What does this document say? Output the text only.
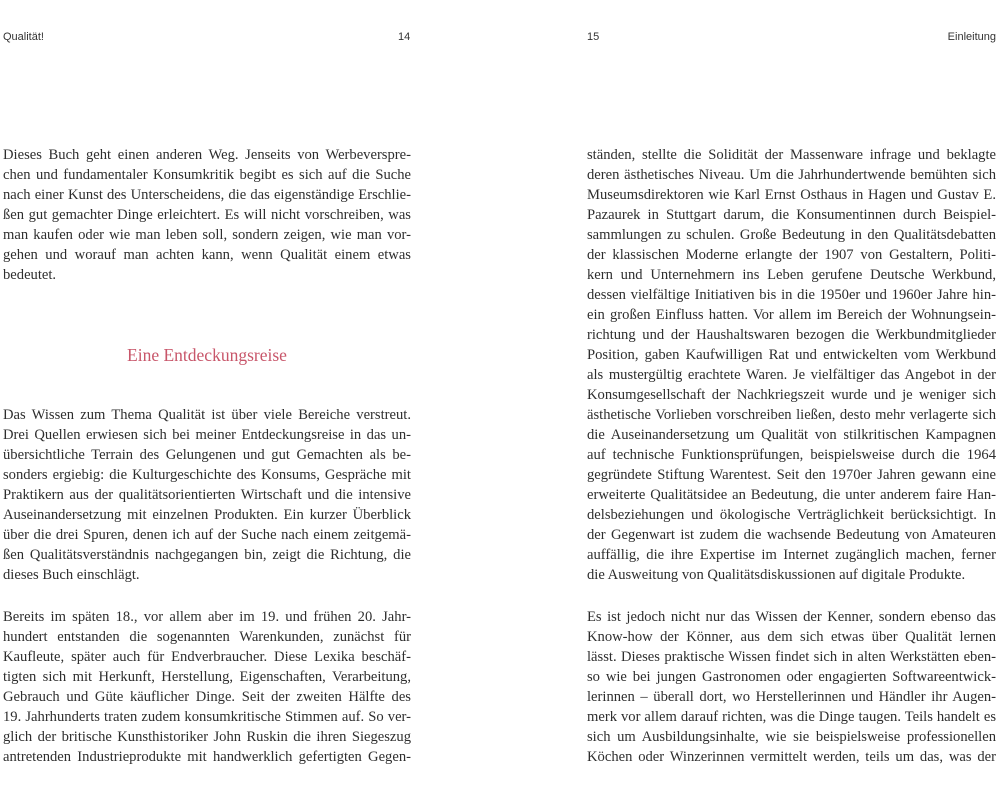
Qualität!	14
Dieses Buch geht einen anderen Weg. Jenseits von Werbeverspre-
chen und fundamentaler Konsumkritik begibt es sich auf die Suche
nach einer Kunst des Unterscheidens, die das eigenständige Erschlie-
ßen gut gemachter Dinge erleichtert. Es will nicht vorschreiben, was
man kaufen oder wie man leben soll, sondern zeigen, wie man vor-
gehen und worauf man achten kann, wenn Qualität einem etwas
bedeutet.
Eine Entdeckungsreise
Das Wissen zum Thema Qualität ist über viele Bereiche verstreut.
Drei Quellen erwiesen sich bei meiner Entdeckungsreise in das un-
übersichtliche Terrain des Gelungenen und gut Gemachten als be-
sonders ergiebig: die Kulturgeschichte des Konsums, Gespräche mit
Praktikern aus der qualitätsorientierten Wirtschaft und die intensive
Auseinandersetzung mit einzelnen Produkten. Ein kurzer Überblick
über die drei Spuren, denen ich auf der Suche nach einem zeitgemä-
ßen Qualitätsverständnis nachgegangen bin, zeigt die Richtung, die
dieses Buch einschlägt.
Bereits im späten 18., vor allem aber im 19. und frühen 20. Jahr-
hundert entstanden die sogenannten Warenkunden, zunächst für
Kaufleute, später auch für Endverbraucher. Diese Lexika beschäf-
tigten sich mit Herkunft, Herstellung, Eigenschaften, Verarbeitung,
Gebrauch und Güte käuflicher Dinge. Seit der zweiten Hälfte des
19. Jahrhunderts traten zudem konsumkritische Stimmen auf. So ver-
glich der britische Kunsthistoriker John Ruskin die ihren Siegeszug
antretenden Industrieprodukte mit handwerklich gefertigten Gegen-
15	Einleitung
ständen, stellte die Solidität der Massenware infrage und beklagte
deren ästhetisches Niveau. Um die Jahrhundertwende bemühten sich
Museumsdirektoren wie Karl Ernst Osthaus in Hagen und Gustav E.
Pazaurek in Stuttgart darum, die Konsumentinnen durch Beispiel-
sammlungen zu schulen. Große Bedeutung in den Qualitätsdebatten
der klassischen Moderne erlangte der 1907 von Gestaltern, Politi-
kern und Unternehmern ins Leben gerufene Deutsche Werkbund,
dessen vielfältige Initiativen bis in die 1950er und 1960er Jahre hin-
ein großen Einfluss hatten. Vor allem im Bereich der Wohnungsein-
richtung und der Haushaltswaren bezogen die Werkbundmitglieder
Position, gaben Kaufwilligen Rat und entwickelten vom Werkbund
als mustergültig erachtete Waren. Je vielfältiger das Angebot in der
Konsumgesellschaft der Nachkriegszeit wurde und je weniger sich
ästhetische Vorlieben vorschreiben ließen, desto mehr verlagerte sich
die Auseinandersetzung um Qualität von stilkritischen Kampagnen
auf technische Funktionsprüfungen, beispielsweise durch die 1964
gegründete Stiftung Warentest. Seit den 1970er Jahren gewann eine
erweiterte Qualitätsidee an Bedeutung, die unter anderem faire Han-
delsbeziehungen und ökologische Verträglichkeit berücksichtigt. In
der Gegenwart ist zudem die wachsende Bedeutung von Amateuren
auffällig, die ihre Expertise im Internet zugänglich machen, ferner
die Ausweitung von Qualitätsdiskussionen auf digitale Produkte.
Es ist jedoch nicht nur das Wissen der Kenner, sondern ebenso das
Know-how der Könner, aus dem sich etwas über Qualität lernen
lässt. Dieses praktische Wissen findet sich in alten Werkstätten eben-
so wie bei jungen Gastronomen oder engagierten Softwareentwick-
lerinnen – überall dort, wo Herstellerinnen und Händler ihr Augen-
merk vor allem darauf richten, was die Dinge taugen. Teils handelt es
sich um Ausbildungsinhalte, wie sie beispielsweise professionellen
Köchen oder Winzerinnen vermittelt werden, teils um das, was der
